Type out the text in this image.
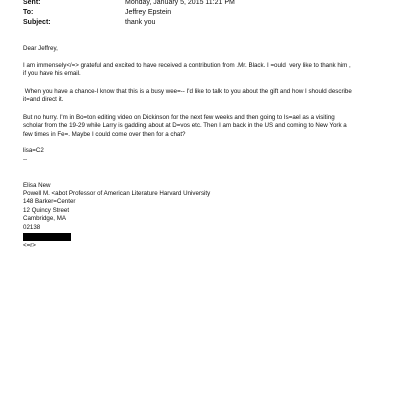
Sent:	Monday, January 5, 2015 11:21 PM
To:	Jeffrey Epstein
Subject:	thank you

Dear Jeffrey,

I am immensely</=> grateful and excited to have received a contribution from .Mr. Black. I =ould  very like to thank him ,

if you have his email.

When you have a chance-I know that this is a busy wee=-- I'd like to talk to you about the gift and how I should describe

it=and direct it.

But no hurry. I'm in Bo=ton editing video on Dickinson for the next few weeks and then going to Is=ael as a visiting

scholar from the 19-29 while Larry is gadding about at D=vos etc. Then I am back in the US and coming to New York a

few times in Fe=. Maybe I could come over then for a chat?

lisa=C2

--

Elisa New
Powell M. <abot Professor of American Literature Harvard University
148 Barker=Center
12 Quincy Street
Cambridge, MA
02138
<=r>
